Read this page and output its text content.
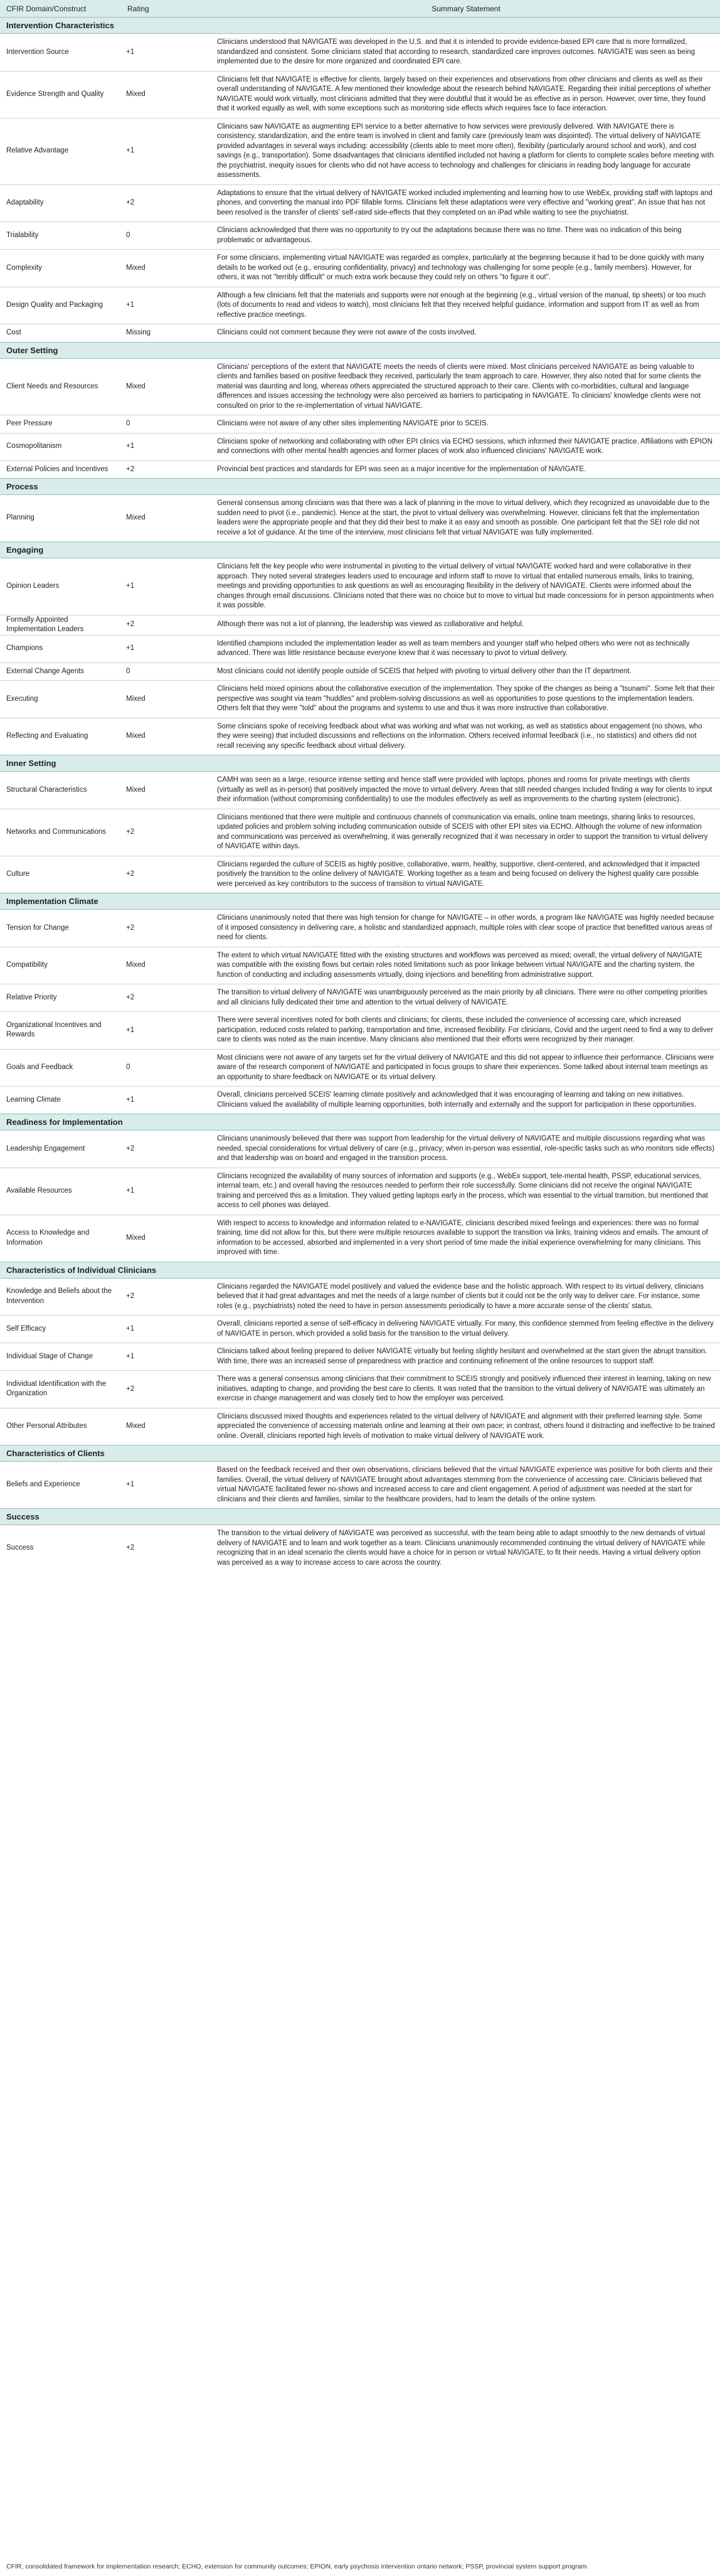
CFIR Domain/Construct	Rating	Summary Statement
Intervention Characteristics		
Intervention Source	+1	Clinicians understood that NAVIGATE was developed in the U.S. and that it is intended to provide evidence-based EPI care that is more formalized, standardized and consistent. Some clinicians stated that according to research, standardized care improves outcomes. NAVIGATE was seen as being implemented due to the desire for more organized and coordinated EPI care.
Evidence Strength and Quality	Mixed	Clinicians felt that NAVIGATE is effective for clients, largely based on their experiences and observations from other clinicians and clients as well as their overall understanding of NAVIGATE. A few mentioned their knowledge about the research behind NAVIGATE. Regarding their initial perceptions of whether NAVIGATE would work virtually, most clinicians admitted that they were doubtful that it would be as effective as in person. However, over time, they found that it worked equally as well, with some exceptions such as monitoring side effects which requires face to face interaction.
Relative Advantage	+1	Clinicians saw NAVIGATE as augmenting EPI service to a better alternative to how services were previously delivered. With NAVIGATE there is consistency, standardization, and the entire team is involved in client and family care (previously team was disjointed). The virtual delivery of NAVIGATE provided advantages in several ways including: accessibility (clients able to meet more often), flexibility (particularly around school and work), and cost savings (e.g., transportation). Some disadvantages that clinicians identified included not having a platform for clients to complete scales before meeting with the psychiatrist, inequity issues for clients who did not have access to technology and challenges for clinicians in reading body language for accurate assessments.
Adaptability	+2	Adaptations to ensure that the virtual delivery of NAVIGATE worked included implementing and learning how to use WebEx, providing staff with laptops and phones, and converting the manual into PDF fillable forms. Clinicians felt these adaptations were very effective and "working great". An issue that has not been resolved is the transfer of clients' self-rated side-effects that they completed on an iPad while waiting to see the psychiatrist.
Trialability	0	Clinicians acknowledged that there was no opportunity to try out the adaptations because there was no time. There was no indication of this being problematic or advantageous.
Complexity	Mixed	For some clinicians, implementing virtual NAVIGATE was regarded as complex, particularly at the beginning because it had to be done quickly with many details to be worked out (e.g., ensuring confidentiality, privacy) and technology was challenging for some people (e.g., family members). However, for others, it was not "terribly difficult" or much extra work because they could rely on others "to figure it out".
Design Quality and Packaging	+1	Although a few clinicians felt that the materials and supports were not enough at the beginning (e.g., virtual version of the manual, tip sheets) or too much (lots of documents to read and videos to watch), most clinicians felt that they received helpful guidance, information and support from IT as well as from reflective practice meetings.
Cost	Missing	Clinicians could not comment because they were not aware of the costs involved.
Outer Setting		
Client Needs and Resources	Mixed	Clinicians' perceptions of the extent that NAVIGATE meets the needs of clients were mixed. Most clinicians perceived NAVIGATE as being valuable to clients and families based on positive feedback they received, particularly the team approach to care. However, they also noted that for some clients the material was daunting and long, whereas others appreciated the structured approach to their care. Clients with co-morbidities, cultural and language differences and issues accessing the technology were also perceived as barriers to participating in NAVIGATE. To clinicians' knowledge clients were not consulted on prior to the re-implementation of virtual NAVIGATE.
Peer Pressure	0	Clinicians were not aware of any other sites implementing NAVIGATE prior to SCEIS.
Cosmopolitanism	+1	Clinicians spoke of networking and collaborating with other EPI clinics via ECHO sessions, which informed their NAVIGATE practice. Affiliations with EPION and connections with other mental health agencies and former places of work also influenced clinicians' NAVIGATE work.
External Policies and Incentives	+2	Provincial best practices and standards for EPI was seen as a major incentive for the implementation of NAVIGATE.
Process		
Planning	Mixed	General consensus among clinicians was that there was a lack of planning in the move to virtual delivery, which they recognized as unavoidable due to the sudden need to pivot (i.e., pandemic). Hence at the start, the pivot to virtual delivery was overwhelming. However, clinicians felt that the implementation leaders were the appropriate people and that they did their best to make it as easy and smooth as possible. One participant felt that the SEI role did not receive a lot of guidance. At the time of the interview, most clinicians felt that virtual NAVIGATE was fully implemented.
Engaging		
Opinion Leaders	+1	Clinicians felt the key people who were instrumental in pivoting to the virtual delivery of virtual NAVIGATE worked hard and were collaborative in their approach. They noted several strategies leaders used to encourage and inform staff to move to virtual that entailed numerous emails, links to training, meetings and providing opportunities to ask questions as well as encouraging flexibility in the delivery of NAVIGATE. Clients were informed about the changes through email discussions. Clinicians noted that there was no choice but to move to virtual but made concessions for in person appointments when it was possible.
Formally Appointed Implementation Leaders	+2	Although there was not a lot of planning, the leadership was viewed as collaborative and helpful.
Champions	+1	Identified champions included the implementation leader as well as team members and younger staff who helped others who were not as technically advanced. There was little resistance because everyone knew that it was necessary to pivot to virtual delivery.
External Change Agents	0	Most clinicians could not identify people outside of SCEIS that helped with pivoting to virtual delivery other than the IT department.
Executing	Mixed	Clinicians held mixed opinions about the collaborative execution of the implementation. They spoke of the changes as being a "tsunami". Some felt that their perspective was sought via team "huddles" and problem-solving discussions as well as opportunities to pose questions to the implementation leaders. Others felt that they were "told" about the programs and systems to use and thus it was more instructive than collaborative.
Reflecting and Evaluating	Mixed	Some clinicians spoke of receiving feedback about what was working and what was not working, as well as statistics about engagement (no shows, who they were seeing) that included discussions and reflections on the information. Others received informal feedback (i.e., no statistics) and others did not recall receiving any specific feedback about virtual delivery.
Inner Setting		
Structural Characteristics	Mixed	CAMH was seen as a large, resource intense setting and hence staff were provided with laptops, phones and rooms for private meetings with clients (virtually as well as in-person) that positively impacted the move to virtual delivery. Areas that still needed changes included finding a way for clients to input their information (without compromising confidentiality) to use the modules effectively as well as improvements to the charting system (electronic).
Networks and Communications	+2	Clinicians mentioned that there were multiple and continuous channels of communication via emails, online team meetings, sharing links to resources, updated policies and problem solving including communication outside of SCEIS with other EPI sites via ECHO. Although the volume of new information and communications was perceived as overwhelming, it was generally recognized that it was necessary in order to support the transition to virtual delivery of NAVIGATE within days.
Culture	+2	Clinicians regarded the culture of SCEIS as highly positive, collaborative, warm, healthy, supportive, client-centered, and acknowledged that it impacted positively the transition to the online delivery of NAVIGATE. Working together as a team and being focused on delivery the highest quality care possible were perceived as key contributors to the success of transition to virtual NAVIGATE.
Implementation Climate		
Tension for Change	+2	Clinicians unanimously noted that there was high tension for change for NAVIGATE – in other words, a program like NAVIGATE was highly needed because of it imposed consistency in delivering care, a holistic and standardized approach, multiple roles with clear scope of practice that benefitted various areas of need for clients.
Compatibility	Mixed	The extent to which virtual NAVIGATE fitted with the existing structures and workflows was perceived as mixed; overall, the virtual delivery of NAVIGATE was compatible with the existing flows but certain roles noted limitations such as poor linkage between virtual NAVIGATE and the charting system, the function of conducting and including assessments virtually, doing injections and benefiting from administrative support.
Relative Priority	+2	The transition to virtual delivery of NAVIGATE was unambiguously perceived as the main priority by all clinicians. There were no other competing priorities and all clinicians fully dedicated their time and attention to the virtual delivery of NAVIGATE.
Organizational Incentives and Rewards	+1	There were several incentives noted for both clients and clinicians; for clients, these included the convenience of accessing care, which increased participation, reduced costs related to parking, transportation and time, increased flexibility. For clinicians, Covid and the urgent need to find a way to deliver care to clients was noted as the main incentive. Many clinicians also mentioned that their efforts were recognized by their manager.
Goals and Feedback	0	Most clinicians were not aware of any targets set for the virtual delivery of NAVIGATE and this did not appear to influence their performance. Clinicians were aware of the research component of NAVIGATE and participated in focus groups to share their experiences. Some talked about internal team meetings as an opportunity to share feedback on NAVIGATE or its virtual delivery.
Learning Climate	+1	Overall, clinicians perceived SCEIS' learning climate positively and acknowledged that it was encouraging of learning and taking on new initiatives. Clinicians valued the availability of multiple learning opportunities, both internally and externally and the support for participation in these opportunities.
Readiness for Implementation		
Leadership Engagement	+2	Clinicians unanimously believed that there was support from leadership for the virtual delivery of NAVIGATE and multiple discussions regarding what was needed, special considerations for virtual delivery of care (e.g., privacy; when in-person was essential, role-specific tasks such as who monitors side effects) and that leadership was on board and engaged in the transition process.
Available Resources	+1	Clinicians recognized the availability of many sources of information and supports (e.g., WebEx support, tele-mental health, PSSP, educational services, internal team, etc.) and overall having the resources needed to perform their role successfully. Some clinicians did not receive the original NAVIGATE training and perceived this as a limitation. They valued getting laptops early in the process, which was essential to the virtual transition, but mentioned that access to cell phones was delayed.
Access to Knowledge and Information	Mixed	With respect to access to knowledge and information related to e-NAVIGATE, clinicians described mixed feelings and experiences: there was no formal training, time did not allow for this, but there were multiple resources available to support the transition via links, training videos and emails. The amount of information to be accessed, absorbed and implemented in a very short period of time made the initial experience overwhelming for many clinicians. This improved with time.
Characteristics of Individual Clinicians		
Knowledge and Beliefs about the Intervention	+2	Clinicians regarded the NAVIGATE model positively and valued the evidence base and the holistic approach. With respect to its virtual delivery, clinicians believed that it had great advantages and met the needs of a large number of clients but it could not be the only way to deliver care. For instance, some roles (e.g., psychiatrists) noted the need to have in person assessments periodically to have a more accurate sense of the clients' status.
Self Efficacy	+1	Overall, clinicians reported a sense of self-efficacy in delivering NAVIGATE virtually. For many, this confidence stemmed from feeling effective in the delivery of NAVIGATE in person, which provided a solid basis for the transition to the virtual delivery.
Individual Stage of Change	+1	Clinicians talked about feeling prepared to deliver NAVIGATE virtually but feeling slightly hesitant and overwhelmed at the start given the abrupt transition. With time, there was an increased sense of preparedness with practice and continuing refinement of the online resources to support staff.
Individual Identification with the Organization	+2	There was a general consensus among clinicians that their commitment to SCEIS strongly and positively influenced their interest in learning, taking on new initiatives, adapting to change, and providing the best care to clients. It was noted that the transition to the virtual delivery of NAVIGATE was ultimately an exercise in change management and was closely tied to how the employer was perceived.
Other Personal Attributes	Mixed	Clinicians discussed mixed thoughts and experiences related to the virtual delivery of NAVIGATE and alignment with their preferred learning style. Some appreciated the convenience of accessing materials online and learning at their own pace; in contrast, others found it distracting and ineffective to be trained online. Overall, clinicians reported high levels of motivation to make virtual delivery of NAVIGATE work.
Characteristics of Clients		
Beliefs and Experience	+1	Based on the feedback received and their own observations, clinicians believed that the virtual NAVIGATE experience was positive for both clients and their families. Overall, the virtual delivery of NAVIGATE brought about advantages stemming from the convenience of accessing care. Clinicians believed that virtual NAVIGATE facilitated fewer no-shows and increased access to care and client engagement. A period of adjustment was needed at the start for clinicians and their clients and families, similar to the healthcare providers, had to learn the details of the online system.
Success		
Success	+2	The transition to the virtual delivery of NAVIGATE was perceived as successful, with the team being able to adapt smoothly to the new demands of virtual delivery of NAVIGATE and to learn and work together as a team. Clinicians unanimously recommended continuing the virtual delivery of NAVIGATE while recognizing that in an ideal scenario the clients would have a choice for in person or virtual NAVIGATE, to fit their needs. Having a virtual delivery option was perceived as a way to increase access to care across the country.
CFIR, consolidated framework for implementation research; ECHO, extension for community outcomes; EPION, early psychosis intervention ontario network; PSSP, provincial system support program.
